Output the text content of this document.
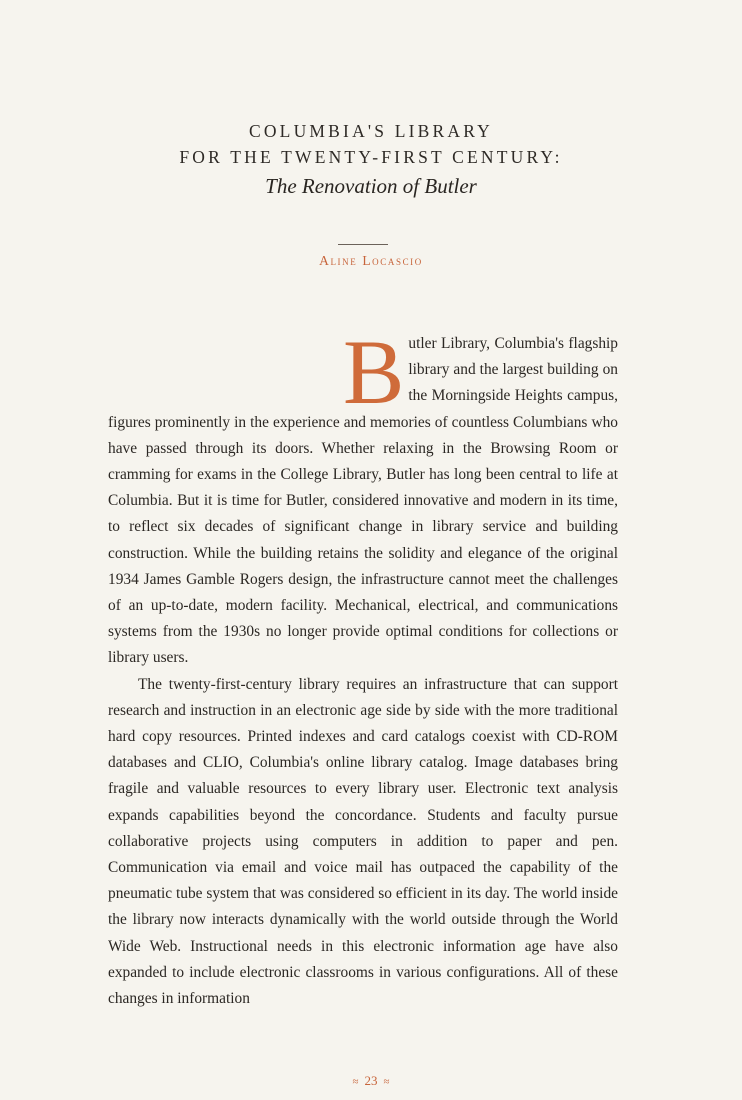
COLUMBIA'S LIBRARY
FOR THE TWENTY-FIRST CENTURY:
The Renovation of Butler
Aline Locascio

Butler Library, Columbia's flagship library and the largest building on the Morningside Heights campus, figures prominently in the experience and memories of countless Columbians who have passed through its doors. Whether relaxing in the Browsing Room or cramming for exams in the College Library, Butler has long been central to life at Columbia. But it is time for Butler, considered innovative and modern in its time, to reflect six decades of significant change in library service and building construction. While the building retains the solidity and elegance of the original 1934 James Gamble Rogers design, the infrastructure cannot meet the challenges of an up-to-date, modern facility. Mechanical, electrical, and communications systems from the 1930s no longer provide optimal conditions for collections or library users.

The twenty-first-century library requires an infrastructure that can support research and instruction in an electronic age side by side with the more traditional hard copy resources. Printed indexes and card catalogs coexist with CD-ROM databases and CLIO, Columbia's online library catalog. Image databases bring fragile and valuable resources to every library user. Electronic text analysis expands capabilities beyond the concordance. Students and faculty pursue collaborative projects using computers in addition to paper and pen. Communication via email and voice mail has outpaced the capability of the pneumatic tube system that was considered so efficient in its day. The world inside the library now interacts dynamically with the world outside through the World Wide Web. Instructional needs in this electronic information age have also expanded to include electronic classrooms in various configurations. All of these changes in information

≈ 23 ≈
